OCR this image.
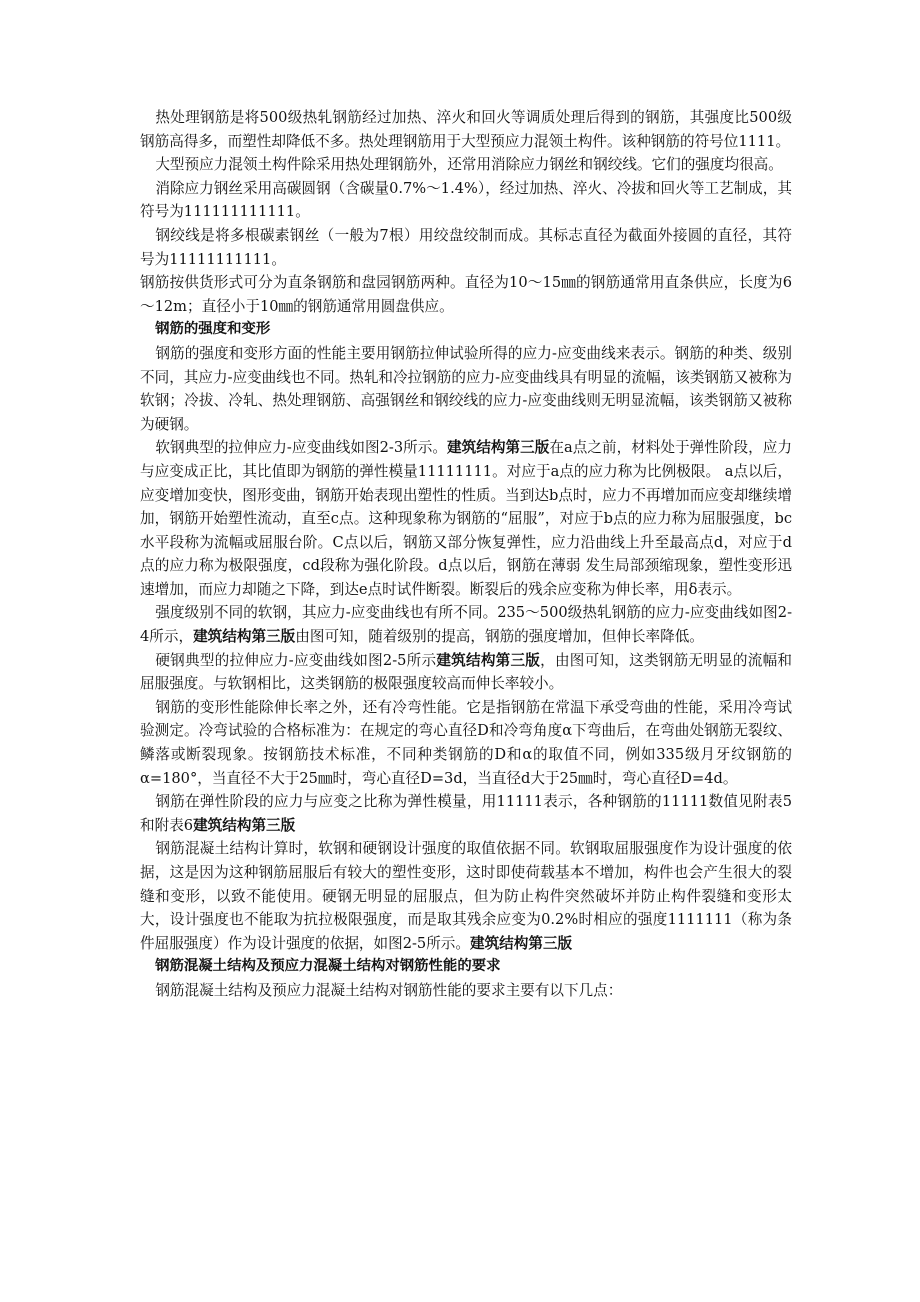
热处理钢筋是将500级热轧钢筋经过加热、淬火和回火等调质处理后得到的钢筋，其强度比500级钢筋高得多，而塑性却降低不多。热处理钢筋用于大型预应力混领土构件。该种钢筋的符号位1111。

大型预应力混领土构件除采用热处理钢筋外，还常用消除应力钢丝和钢绞线。它们的强度均很高。

消除应力钢丝采用高碳圆钢（含碳量0.7%～1.4%），经过加热、淬火、冷拔和回火等工艺制成，其符号为111111111111。

钢绞线是将多根碳素钢丝（一般为7根）用绞盘绞制而成。其标志直径为截面外接圆的直径，其符号为11111111111。

钢筋按供货形式可分为直条钢筋和盘园钢筋两种。直径为10～15㎜的钢筋通常用直条供应，长度为6～12m；直径小于10㎜的钢筋通常用圆盘供应。

钢筋的强度和变形

钢筋的强度和变形方面的性能主要用钢筋拉伸试验所得的应力-应变曲线来表示。钢筋的种类、级别不同，其应力-应变曲线也不同。热轧和冷拉钢筋的应力-应变曲线具有明显的流幅，该类钢筋又被称为软钢；冷拔、冷轧、热处理钢筋、高强钢丝和钢绞线的应力-应变曲线则无明显流幅，该类钢筋又被称为硬钢。

软钢典型的拉伸应力-应变曲线如图2-3所示。建筑结构第三版在a点之前，材料处于弹性阶段，应力与应变成正比，其比值即为钢筋的弹性模量11111111。对应于a点的应力称为比例极限。 a点以后，应变增加变快，图形变曲，钢筋开始表现出塑性的性质。当到达b点时，应力不再增加而应变却继续增加，钢筋开始塑性流动，直至c点。这种现象称为钢筋的“屈服”，对应于b点的应力称为屈服强度，bc水平段称为流幅或屈服台阶。C点以后，钢筋又部分恢复弹性，应力沿曲线上升至最高点d，对应于d点的应力称为极限强度，cd段称为强化阶段。d点以后，钢筋在薄弱 发生局部颈缩现象，塑性变形迅速增加，而应力却随之下降，到达e点时试件断裂。断裂后的残余应变称为伸长率，用δ表示。

强度级别不同的软钢，其应力-应变曲线也有所不同。235～500级热轧钢筋的应力-应变曲线如图2-4所示，建筑结构第三版由图可知，随着级别的提高，钢筋的强度增加，但伸长率降低。

硬钢典型的拉伸应力-应变曲线如图2-5所示建筑结构第三版，由图可知，这类钢筋无明显的流幅和屈服强度。与软钢相比，这类钢筋的极限强度较高而伸长率较小。

钢筋的变形性能除伸长率之外，还有冷弯性能。它是指钢筋在常温下承受弯曲的性能，采用冷弯试验测定。冷弯试验的合格标准为：在规定的弯心直径D和冷弯角度α下弯曲后，在弯曲处钢筋无裂纹、鳞落或断裂现象。按钢筋技术标准，不同种类钢筋的D和α的取值不同，例如335级月牙纹钢筋的α=180°，当直径不大于25㎜时，弯心直径D=3d，当直径d大于25㎜时，弯心直径D=4d。

钢筋在弹性阶段的应力与应变之比称为弹性模量，用11111表示，各种钢筋的11111数值见附表5和附表6建筑结构第三版

钢筋混凝土结构计算时，软钢和硬钢设计强度的取值依据不同。软钢取屈服强度作为设计强度的依据，这是因为这种钢筋屈服后有较大的塑性变形，这时即使荷载基本不增加，构件也会产生很大的裂缝和变形，以致不能使用。硬钢无明显的屈服点，但为防止构件突然破坏并防止构件裂缝和变形太大，设计强度也不能取为抗拉极限强度，而是取其残余应变为0.2%时相应的强度1111111（称为条件屈服强度）作为设计强度的依据，如图2-5所示。建筑结构第三版

钢筋混凝土结构及预应力混凝土结构对钢筋性能的要求

钢筋混凝土结构及预应力混凝土结构对钢筋性能的要求主要有以下几点：
